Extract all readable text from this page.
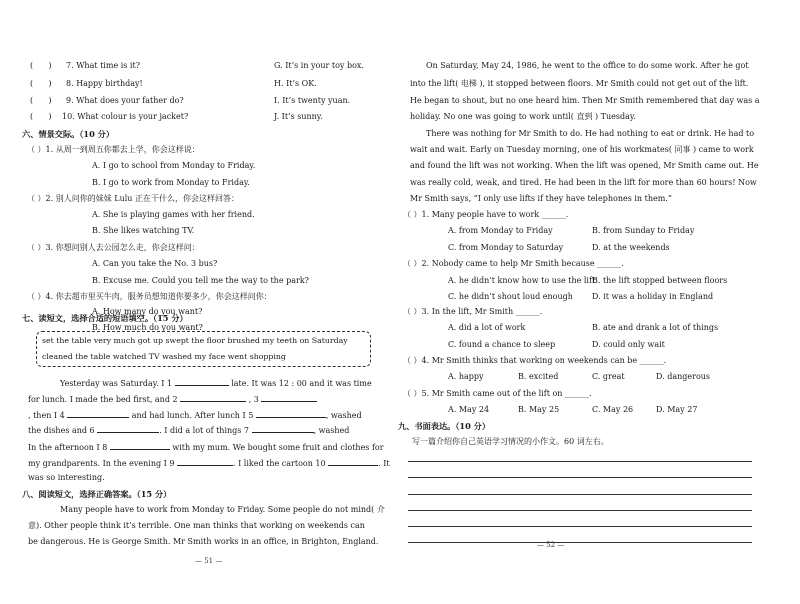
(      ) 7. What time is it?	G. It’s in your toy box.
(      ) 8. Happy birthday!	H. It’s OK.
(      ) 9. What does your father do?	I. It’s twenty yuan.
(      ) 10. What colour is your jacket?	J. It’s sunny.
六、情景交际。（10 分）
（ ）1. 从周一到周五你都去上学，你会这样说：
A. I go to school from Monday to Friday.
B. I go to work from Monday to Friday.
（ ）2. 别人问你的妹妹 Lulu 正在干什么，你会这样回答：
A. She is playing games with her friend.
B. She likes watching TV.
（ ）3. 你想问别人去公园怎么走，你会这样问：
A. Can you take the No. 3 bus?
B. Excuse me. Could you tell me the way to the park?
（ ）4. 你去超市里买牛肉，服务员想知道你要多少，你会这样问你：
A. How many do you want?
B. How much do you want?
七、读短文，选择合适的短语填空。（15 分）
set the table very much got up swept the floor brushed my teeth on Saturday
cleaned the table watched TV washed my face went shopping
Yesterday was Saturday. I 1	late. It was 12 : 00 and it was time
for lunch. I made the bed first, and 2	, 3
, then I 4	and had lunch. After lunch I 5	, washed
the dishes and 6	. I did a lot of things 7	, washed
In the afternoon I 8	with my mum. We bought some fruit and clothes for
my grandparents. In the evening I 9	. I liked the cartoon 10	. It
was so interesting.
八、阅读短文，选择正确答案。（15 分）
Many people have to work from Monday to Friday. Some people do not mind( 介
意). Other people think it’s terrible. One man thinks that working on weekends can
be dangerous. He is George Smith. Mr Smith works in an office, in Brighton, England.
— 51 —
On Saturday, May 24, 1986, he went to the office to do some work. After he got
into the lift( 电梯 ), it stopped between floors. Mr Smith could not get out of the lift.
He began to shout, but no one heard him. Then Mr Smith remembered that day was a
holiday. No one was going to work until( 直到 ) Tuesday.
There was nothing for Mr Smith to do. He had nothing to eat or drink. He had to
wait and wait. Early on Tuesday morning, one of his workmates( 同事 ) came to work
and found the lift was not working. When the lift was opened, Mr Smith came out. He
was really cold, weak, and tired. He had been in the lift for more than 60 hours! Now
Mr Smith says, “I only use lifts if they have telephones in them.”
（ ）1. Many people have to work ______.
A. from Monday to Friday	B. from Sunday to Friday
C. from Monday to Saturday	D. at the weekends
（ ）2. Nobody came to help Mr Smith because ______.
A. he didn’t know how to use the lift
B. the lift stopped between floors
C. he didn’t shout loud enough D. it was a holiday in England
（ ）3. In the lift, Mr Smith ______.
A. did a lot of work	B. ate and drank a lot of things
C. found a chance to sleep	D. could only wait
（ ）4. Mr Smith thinks that working on weekends can be ______.
A. happy	B. excited	C. great	D. dangerous
（ ）5. Mr Smith came out of the lift on ______.
A. May 24	B. May 25	C. May 26	D. May 27
九、书面表达。（10 分）
写一篇介绍你自己英语学习情况的小作文。60 词左右。
— 52 —
